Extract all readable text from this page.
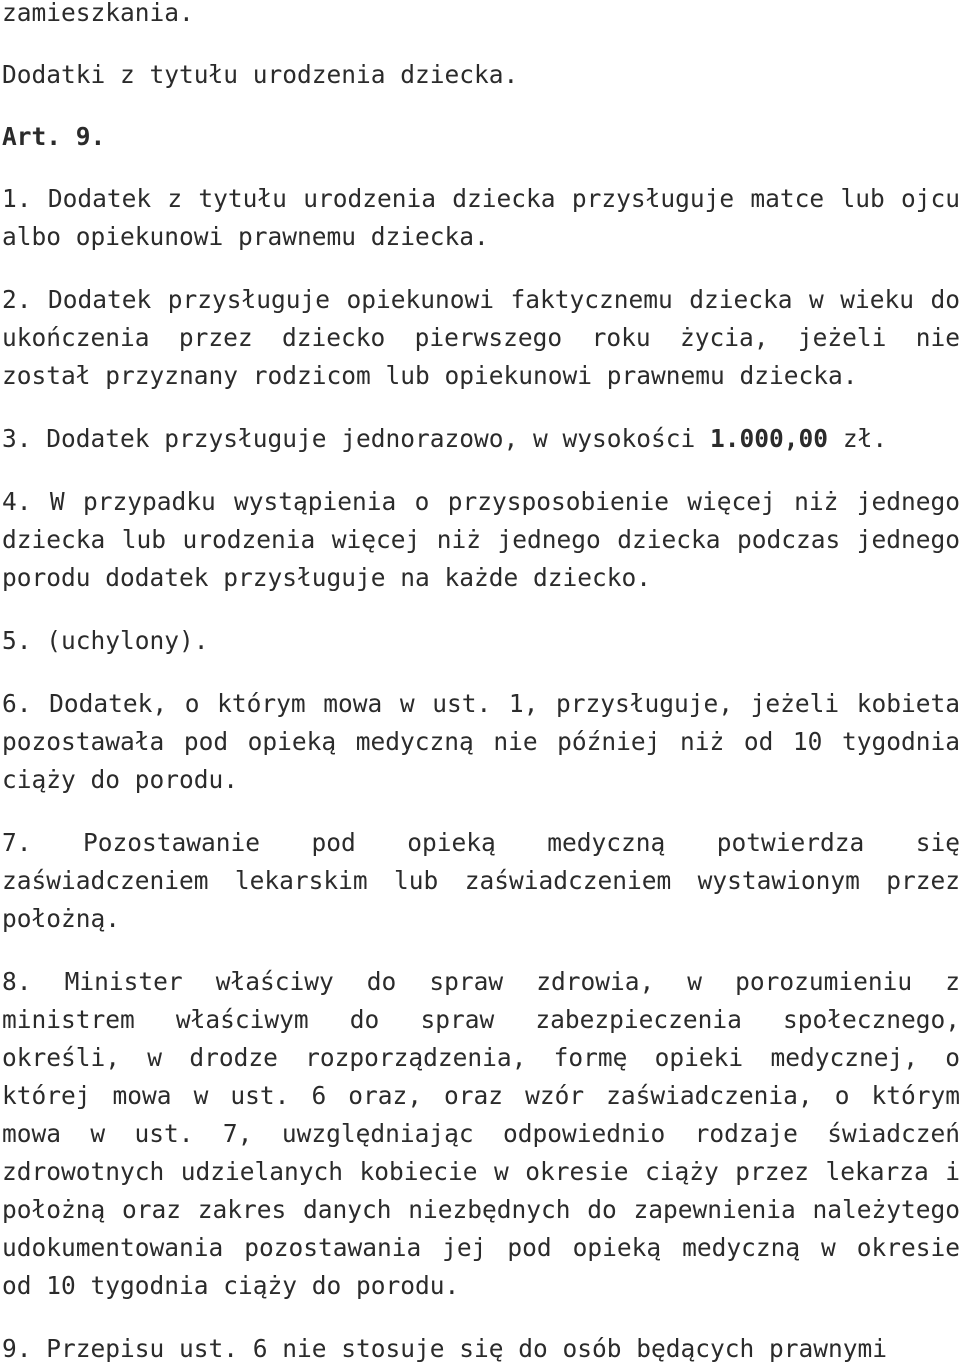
zamieszkania.

Dodatki z tytułu urodzenia dziecka.

Art. 9.

1. Dodatek z tytułu urodzenia dziecka przysługuje matce lub ojcu albo opiekunowi prawnemu dziecka.

2. Dodatek przysługuje opiekunowi faktycznemu dziecka w wieku do ukończenia przez dziecko pierwszego roku życia, jeżeli nie został przyznany rodzicom lub opiekunowi prawnemu dziecka.

3. Dodatek przysługuje jednorazowo, w wysokości 1.000,00 zł.

4. W przypadku wystąpienia o przysposobienie więcej niż jednego dziecka lub urodzenia więcej niż jednego dziecka podczas jednego porodu dodatek przysługuje na każde dziecko.

5. (uchylony).

6. Dodatek, o którym mowa w ust. 1, przysługuje, jeżeli kobieta pozostawała pod opieką medyczną nie później niż od 10 tygodnia ciąży do porodu.

7. Pozostawanie pod opieką medyczną potwierdza się zaświadczeniem lekarskim lub zaświadczeniem wystawionym przez położną.

8. Minister właściwy do spraw zdrowia, w porozumieniu z ministrem właściwym do spraw zabezpieczenia społecznego, określi, w drodze rozporządzenia, formę opieki medycznej, o której mowa w ust. 6 oraz, oraz wzór zaświadczenia, o którym mowa w ust. 7, uwzględniając odpowiednio rodzaje świadczeń zdrowotnych udzielanych kobiecie w okresie ciąży przez lekarza i położną oraz zakres danych niezbędnych do zapewnienia należytego udokumentowania pozostawania jej pod opieką medyczną w okresie od 10 tygodnia ciąży do porodu.

9. Przepisu ust. 6 nie stosuje się do osób będących prawnymi
